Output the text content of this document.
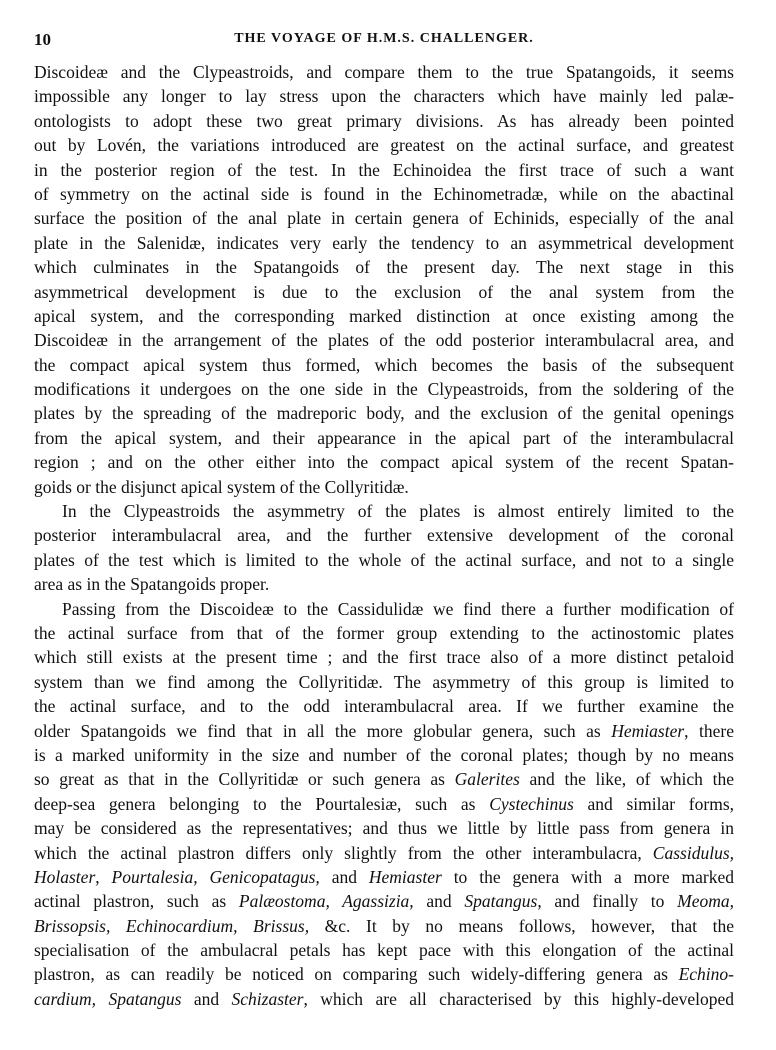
10	THE VOYAGE OF H.M.S. CHALLENGER.
Discoideæ and the Clypeastroids, and compare them to the true Spatangoids, it seems
impossible any longer to lay stress upon the characters which have mainly led palæ-
ontologists to adopt these two great primary divisions. As has already been pointed
out by Lovén, the variations introduced are greatest on the actinal surface, and greatest
in the posterior region of the test. In the Echinoidea the first trace of such a want
of symmetry on the actinal side is found in the Echinometradæ, while on the abactinal
surface the position of the anal plate in certain genera of Echinids, especially of the anal
plate in the Salenidæ, indicates very early the tendency to an asymmetrical development
which culminates in the Spatangoids of the present day. The next stage in this
asymmetrical development is due to the exclusion of the anal system from the
apical system, and the corresponding marked distinction at once existing among the
Discoideæ in the arrangement of the plates of the odd posterior interambulacral area, and
the compact apical system thus formed, which becomes the basis of the subsequent
modifications it undergoes on the one side in the Clypeastroids, from the soldering of the
plates by the spreading of the madreporic body, and the exclusion of the genital openings
from the apical system, and their appearance in the apical part of the interambulacral
region ; and on the other either into the compact apical system of the recent Spatan-
goids or the disjunct apical system of the Collyritidæ.
In the Clypeastroids the asymmetry of the plates is almost entirely limited to the
posterior interambulacral area, and the further extensive development of the coronal
plates of the test which is limited to the whole of the actinal surface, and not to a single
area as in the Spatangoids proper.
Passing from the Discoideæ to the Cassidulidæ we find there a further modification of
the actinal surface from that of the former group extending to the actinostomic plates
which still exists at the present time ; and the first trace also of a more distinct petaloid
system than we find among the Collyritidæ. The asymmetry of this group is limited to
the actinal surface, and to the odd interambulacral area. If we further examine the
older Spatangoids we find that in all the more globular genera, such as Hemiaster, there
is a marked uniformity in the size and number of the coronal plates; though by no means
so great as that in the Collyritidæ or such genera as Galerites and the like, of which the
deep-sea genera belonging to the Pourtalesiæ, such as Cystechinus and similar forms,
may be considered as the representatives; and thus we little by little pass from genera in
which the actinal plastron differs only slightly from the other interambulacra, Cassidulus,
Holaster, Pourtalesia, Genicopatagus, and Hemiaster to the genera with a more marked
actinal plastron, such as Palæostoma, Agassizia, and Spatangus, and finally to Meoma,
Brissopsis, Echinocardium, Brissus, &c. It by no means follows, however, that the
specialisation of the ambulacral petals has kept pace with this elongation of the actinal
plastron, as can readily be noticed on comparing such widely-differing genera as Echino-
cardium, Spatangus and Schizaster, which are all characterised by this highly-developed
